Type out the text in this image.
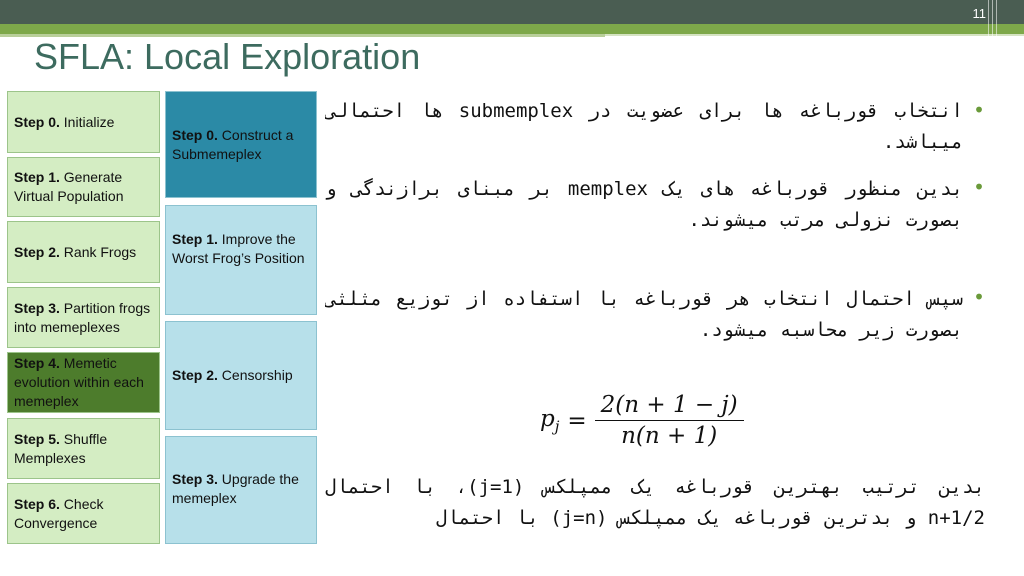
11
SFLA: Local Exploration
Step 0. Initialize
Step 1. Generate Virtual Population
Step 2. Rank Frogs
Step 3. Partition frogs into memeplexes
Step 4. Memetic evolution within each memeplex
Step 5. Shuffle Memplexes
Step 6. Check Convergence
Step 0. Construct a Submemeplex
Step 1. Improve the Worst Frog’s Position
Step 2. Censorship
Step 3. Upgrade the memeplex
•
انتخاب قورباغه ها برای عضویت در submemplex ها احتمالی میباشد.
•
بدین منظور قورباغه های یک memplex بر مبنای برازندگی و بصورت نزولی مرتب میشوند.
•
سپس احتمال انتخاب هر قورباغه با استفاده از توزیع مثلثی بصورت زیر محاسبه میشود.
بدین ترتیب بهترین قورباغه یک ممپلکس (j=1)، با احتمال 2/n+1 و بدترین قورباغه یک ممپلکس (j=n) با احتمال
$p_j = \frac{2(n + 1 - j)}{n(n + 1)}$
